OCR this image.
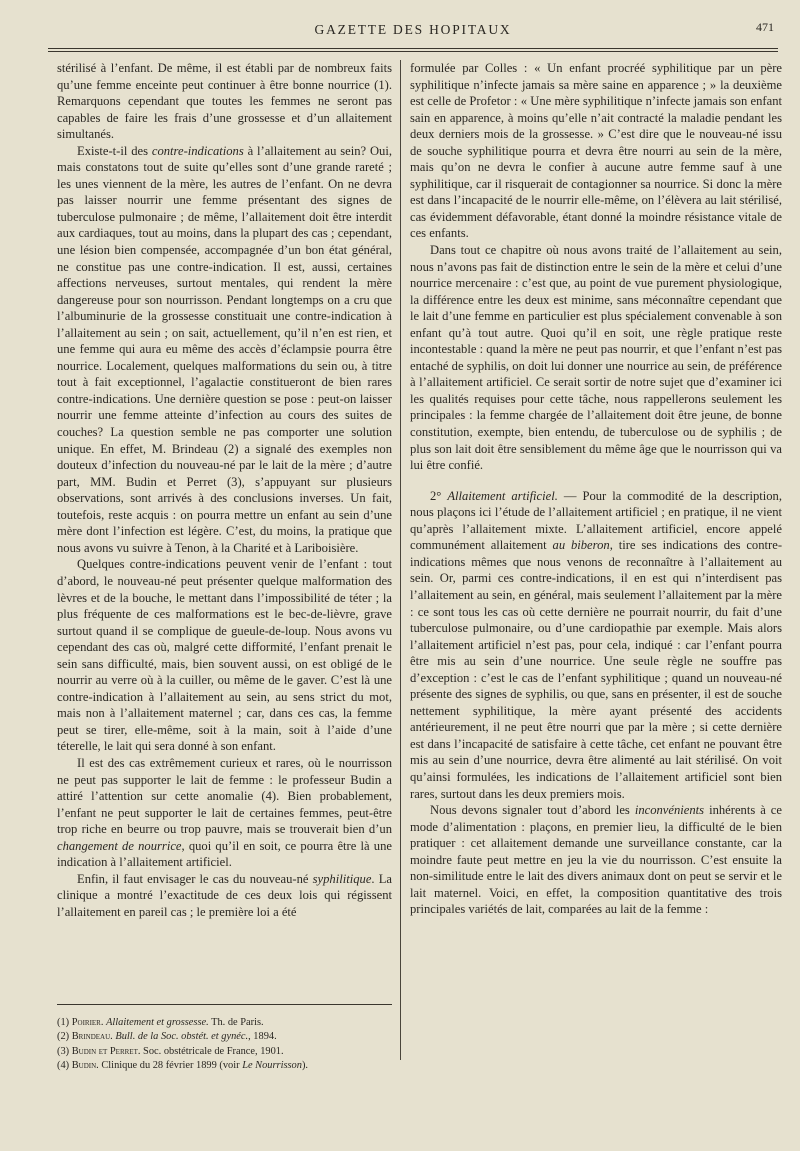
GAZETTE DES HOPITAUX	471

stérilisé à l’enfant. De même, il est établi par de nombreux faits qu’une femme enceinte peut continuer à être bonne nourrice (1). Remarquons cependant que toutes les femmes ne seront pas capables de faire les frais d’une grossesse et d’un allaitement simultanés.

Existe-t-il des contre-indications à l’allaitement au sein? Oui, mais constatons tout de suite qu’elles sont d’une grande rareté ; les unes viennent de la mère, les autres de l’enfant. On ne devra pas laisser nourrir une femme présentant des signes de tuberculose pulmonaire ; de même, l’allaitement doit être interdit aux cardiaques, tout au moins, dans la plupart des cas ; cependant, une lésion bien compensée, accompagnée d’un bon état général, ne constitue pas une contre-indication. Il est, aussi, certaines affections nerveuses, surtout mentales, qui rendent la mère dangereuse pour son nourrisson. Pendant longtemps on a cru que l’albuminurie de la grossesse constituait une contre-indication à l’allaitement au sein ; on sait, actuellement, qu’il n’en est rien, et une femme qui aura eu même des accès d’éclampsie pourra être nourrice. Localement, quelques malformations du sein ou, à titre tout à fait exceptionnel, l’agalactie constitueront de bien rares contre-indications. Une dernière question se pose : peut-on laisser nourrir une femme atteinte d’infection au cours des suites de couches? La question semble ne pas comporter une solution unique. En effet, M. Brindeau (2) a signalé des exemples non douteux d’infection du nouveau-né par le lait de la mère ; d’autre part, MM. Budin et Perret (3), s’appuyant sur plusieurs observations, sont arrivés à des conclusions inverses. Un fait, toutefois, reste acquis : on pourra mettre un enfant au sein d’une mère dont l’infection est légère. C’est, du moins, la pratique que nous avons vu suivre à Tenon, à la Charité et à Lariboisière.

Quelques contre-indications peuvent venir de l’enfant : tout d’abord, le nouveau-né peut présenter quelque malformation des lèvres et de la bouche, le mettant dans l’impossibilité de téter ; la plus fréquente de ces malformations est le bec-de-lièvre, grave surtout quand il se complique de gueule-de-loup. Nous avons vu cependant des cas où, malgré cette difformité, l’enfant prenait le sein sans difficulté, mais, bien souvent aussi, on est obligé de le nourrir au verre où à la cuiller, ou même de le gaver. C’est là une contre-indication à l’allaitement au sein, au sens strict du mot, mais non à l’allaitement maternel ; car, dans ces cas, la femme peut se tirer, elle-même, soit à la main, soit à l’aide d’une téterelle, le lait qui sera donné à son enfant.

Il est des cas extrêmement curieux et rares, où le nourrisson ne peut pas supporter le lait de femme : le professeur Budin a attiré l’attention sur cette anomalie (4). Bien probablement, l’enfant ne peut supporter le lait de certaines femmes, peut-être trop riche en beurre ou trop pauvre, mais se trouverait bien d’un changement de nourrice, quoi qu’il en soit, ce pourra être là une indication à l’allaitement artificiel.

Enfin, il faut envisager le cas du nouveau-né syphilitique. La clinique a montré l’exactitude de ces deux lois qui régissent l’allaitement en pareil cas ; le première loi a été

(1) Poirier. Allaitement et grossesse. Th. de Paris.
(2) Brindeau. Bull. de la Soc. obstét. et gynéc., 1894.
(3) Budin et Perret. Soc. obstétricale de France, 1901.
(4) Budin. Clinique du 28 février 1899 (voir Le Nourrisson).

formulée par Colles : « Un enfant procréé syphilitique par un père syphilitique n’infecte jamais sa mère saine en apparence ; » la deuxième est celle de Profetor : « Une mère syphilitique n’infecte jamais son enfant sain en apparence, à moins qu’elle n’ait contracté la maladie pendant les deux derniers mois de la grossesse. » C’est dire que le nouveau-né issu de souche syphilitique pourra et devra être nourri au sein de la mère, mais qu’on ne devra le confier à aucune autre femme sauf à une syphilitique, car il risquerait de contagionner sa nourrice. Si donc la mère est dans l’incapacité de le nourrir elle-même, on l’élèvera au lait stérilisé, cas évidemment défavorable, étant donné la moindre résistance vitale de ces enfants.

Dans tout ce chapitre où nous avons traité de l’allaitement au sein, nous n’avons pas fait de distinction entre le sein de la mère et celui d’une nourrice mercenaire : c’est que, au point de vue purement physiologique, la différence entre les deux est minime, sans méconnaître cependant que le lait d’une femme en particulier est plus spécialement convenable à son enfant qu’à tout autre. Quoi qu’il en soit, une règle pratique reste incontestable : quand la mère ne peut pas nourrir, et que l’enfant n’est pas entaché de syphilis, on doit lui donner une nourrice au sein, de préférence à l’allaitement artificiel. Ce serait sortir de notre sujet que d’examiner ici les qualités requises pour cette tâche, nous rappellerons seulement les principales : la femme chargée de l’allaitement doit être jeune, de bonne constitution, exempte, bien entendu, de tuberculose ou de syphilis ; de plus son lait doit être sensiblement du même âge que le nourrisson qui va lui être confié.

2° Allaitement artificiel. — Pour la commodité de la description, nous plaçons ici l’étude de l’allaitement artificiel ; en pratique, il ne vient qu’après l’allaitement mixte. L’allaitement artificiel, encore appelé communément allaitement au biberon, tire ses indications des contre-indications mêmes que nous venons de reconnaître à l’allaitement au sein. Or, parmi ces contre-indications, il en est qui n’interdisent pas l’allaitement au sein, en général, mais seulement l’allaitement par la mère : ce sont tous les cas où cette dernière ne pourrait nourrir, du fait d’une tuberculose pulmonaire, ou d’une cardiopathie par exemple. Mais alors l’allaitement artificiel n’est pas, pour cela, indiqué : car l’enfant pourra être mis au sein d’une nourrice. Une seule règle ne souffre pas d’exception : c’est le cas de l’enfant syphilitique ; quand un nouveau-né présente des signes de syphilis, ou que, sans en présenter, il est de souche nettement syphilitique, la mère ayant présenté des accidents antérieurement, il ne peut être nourri que par la mère ; si cette dernière est dans l’incapacité de satisfaire à cette tâche, cet enfant ne pouvant être mis au sein d’une nourrice, devra être alimenté au lait stérilisé. On voit qu’ainsi formulées, les indications de l’allaitement artificiel sont bien rares, surtout dans les deux premiers mois.

Nous devons signaler tout d’abord les inconvénients inhérents à ce mode d’alimentation : plaçons, en premier lieu, la difficulté de le bien pratiquer : cet allaitement demande une surveillance constante, car la moindre faute peut mettre en jeu la vie du nourrisson. C’est ensuite la non-similitude entre le lait des divers animaux dont on peut se servir et le lait maternel. Voici, en effet, la composition quantitative des trois principales variétés de lait, comparées au lait de la femme :
